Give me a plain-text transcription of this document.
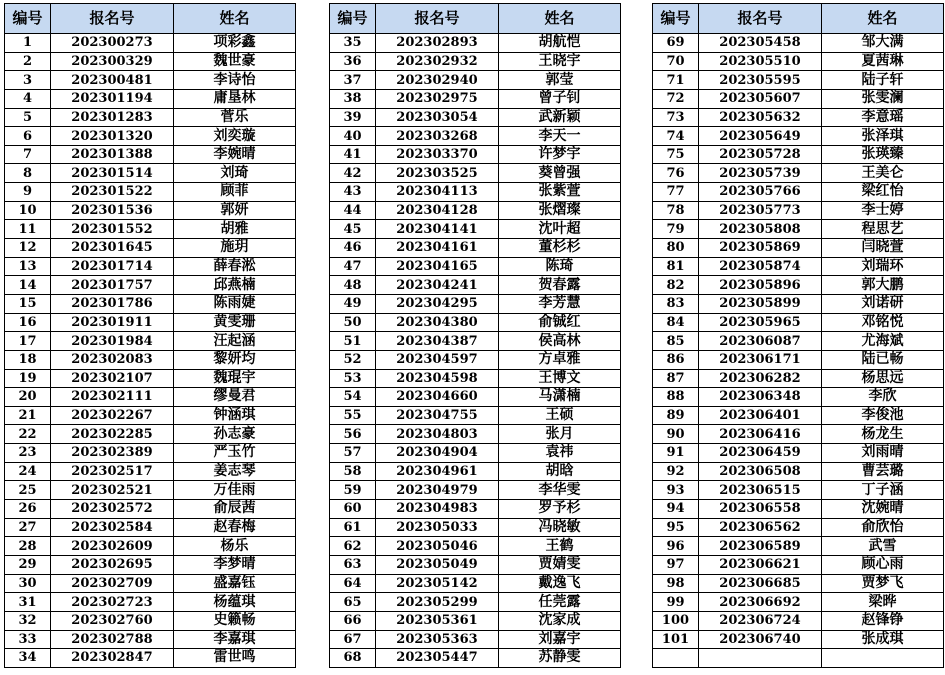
编号	报名号	姓名
1	202300273	项彩鑫
2	202300329	魏世豪
3	202300481	李诗怡
4	202301194	庸垦林
5	202301283	菅乐
6	202301320	刘奕璇
7	202301388	李婉晴
8	202301514	刘琦
9	202301522	顾菲
10	202301536	郭妍
11	202301552	胡雅
12	202301645	施玥
13	202301714	薛春淞
14	202301757	邱燕楠
15	202301786	陈雨婕
16	202301911	黄雯珊
17	202301984	汪起涵
18	202302083	黎妍均
19	202302107	魏琨宇
20	202302111	缪曼君
21	202302267	钟涵琪
22	202302285	孙志豪
23	202302389	严玉竹
24	202302517	姜志琴
25	202302521	万佳雨
26	202302572	俞辰茜
27	202302584	赵春梅
28	202302609	杨乐
29	202302695	李梦晴
30	202302709	盛嘉钰
31	202302723	杨蕴琪
32	202302760	史籁畅
33	202302788	李嘉琪
34	202302847	雷世鸣
编号	报名号	姓名
35	202302893	胡航恺
36	202302932	王晓宇
37	202302940	郭莹
38	202302975	曾子钊
39	202303054	武新颖
40	202303268	李天一
41	202303370	许梦宇
42	202303525	葵曾强
43	202304113	张紫萱
44	202304128	张熠璨
45	202304141	沈叶超
46	202304161	董杉杉
47	202304165	陈琦
48	202304241	贺春露
49	202304295	李芳慧
50	202304380	俞铖红
51	202304387	侯高林
52	202304597	方卓雅
53	202304598	王博文
54	202304660	马潇楠
55	202304755	王硕
56	202304803	张月
57	202304904	袁祎
58	202304961	胡晗
59	202304979	李华雯
60	202304983	罗予杉
61	202305033	冯晓敏
62	202305046	王鹤
63	202305049	贾婧雯
64	202305142	戴逸飞
65	202305299	任莞露
66	202305361	沈家成
67	202305363	刘嘉宇
68	202305447	苏静雯
编号	报名号	姓名
69	202305458	邹大满
70	202305510	夏茜琳
71	202305595	陆子轩
72	202305607	张雯澜
73	202305632	李意瑶
74	202305649	张泽琪
75	202305728	张瑛臻
76	202305739	王美仑
77	202305766	梁红怡
78	202305773	李士婷
79	202305808	程思艺
80	202305869	闫晓萱
81	202305874	刘瑞环
82	202305896	郭大鹏
83	202305899	刘诺研
84	202305965	邓铭悦
85	202306087	尤海斌
86	202306171	陆已畅
87	202306282	杨思远
88	202306348	李欣
89	202306401	李俊池
90	202306416	杨龙生
91	202306459	刘雨晴
92	202306508	曹芸璐
93	202306515	丁子涵
94	202306558	沈婉晴
95	202306562	俞欣怡
96	202306589	武雪
97	202306621	顾心雨
98	202306685	贾梦飞
99	202306692	梁晔
100	202306724	赵锋铮
101	202306740	张成琪
